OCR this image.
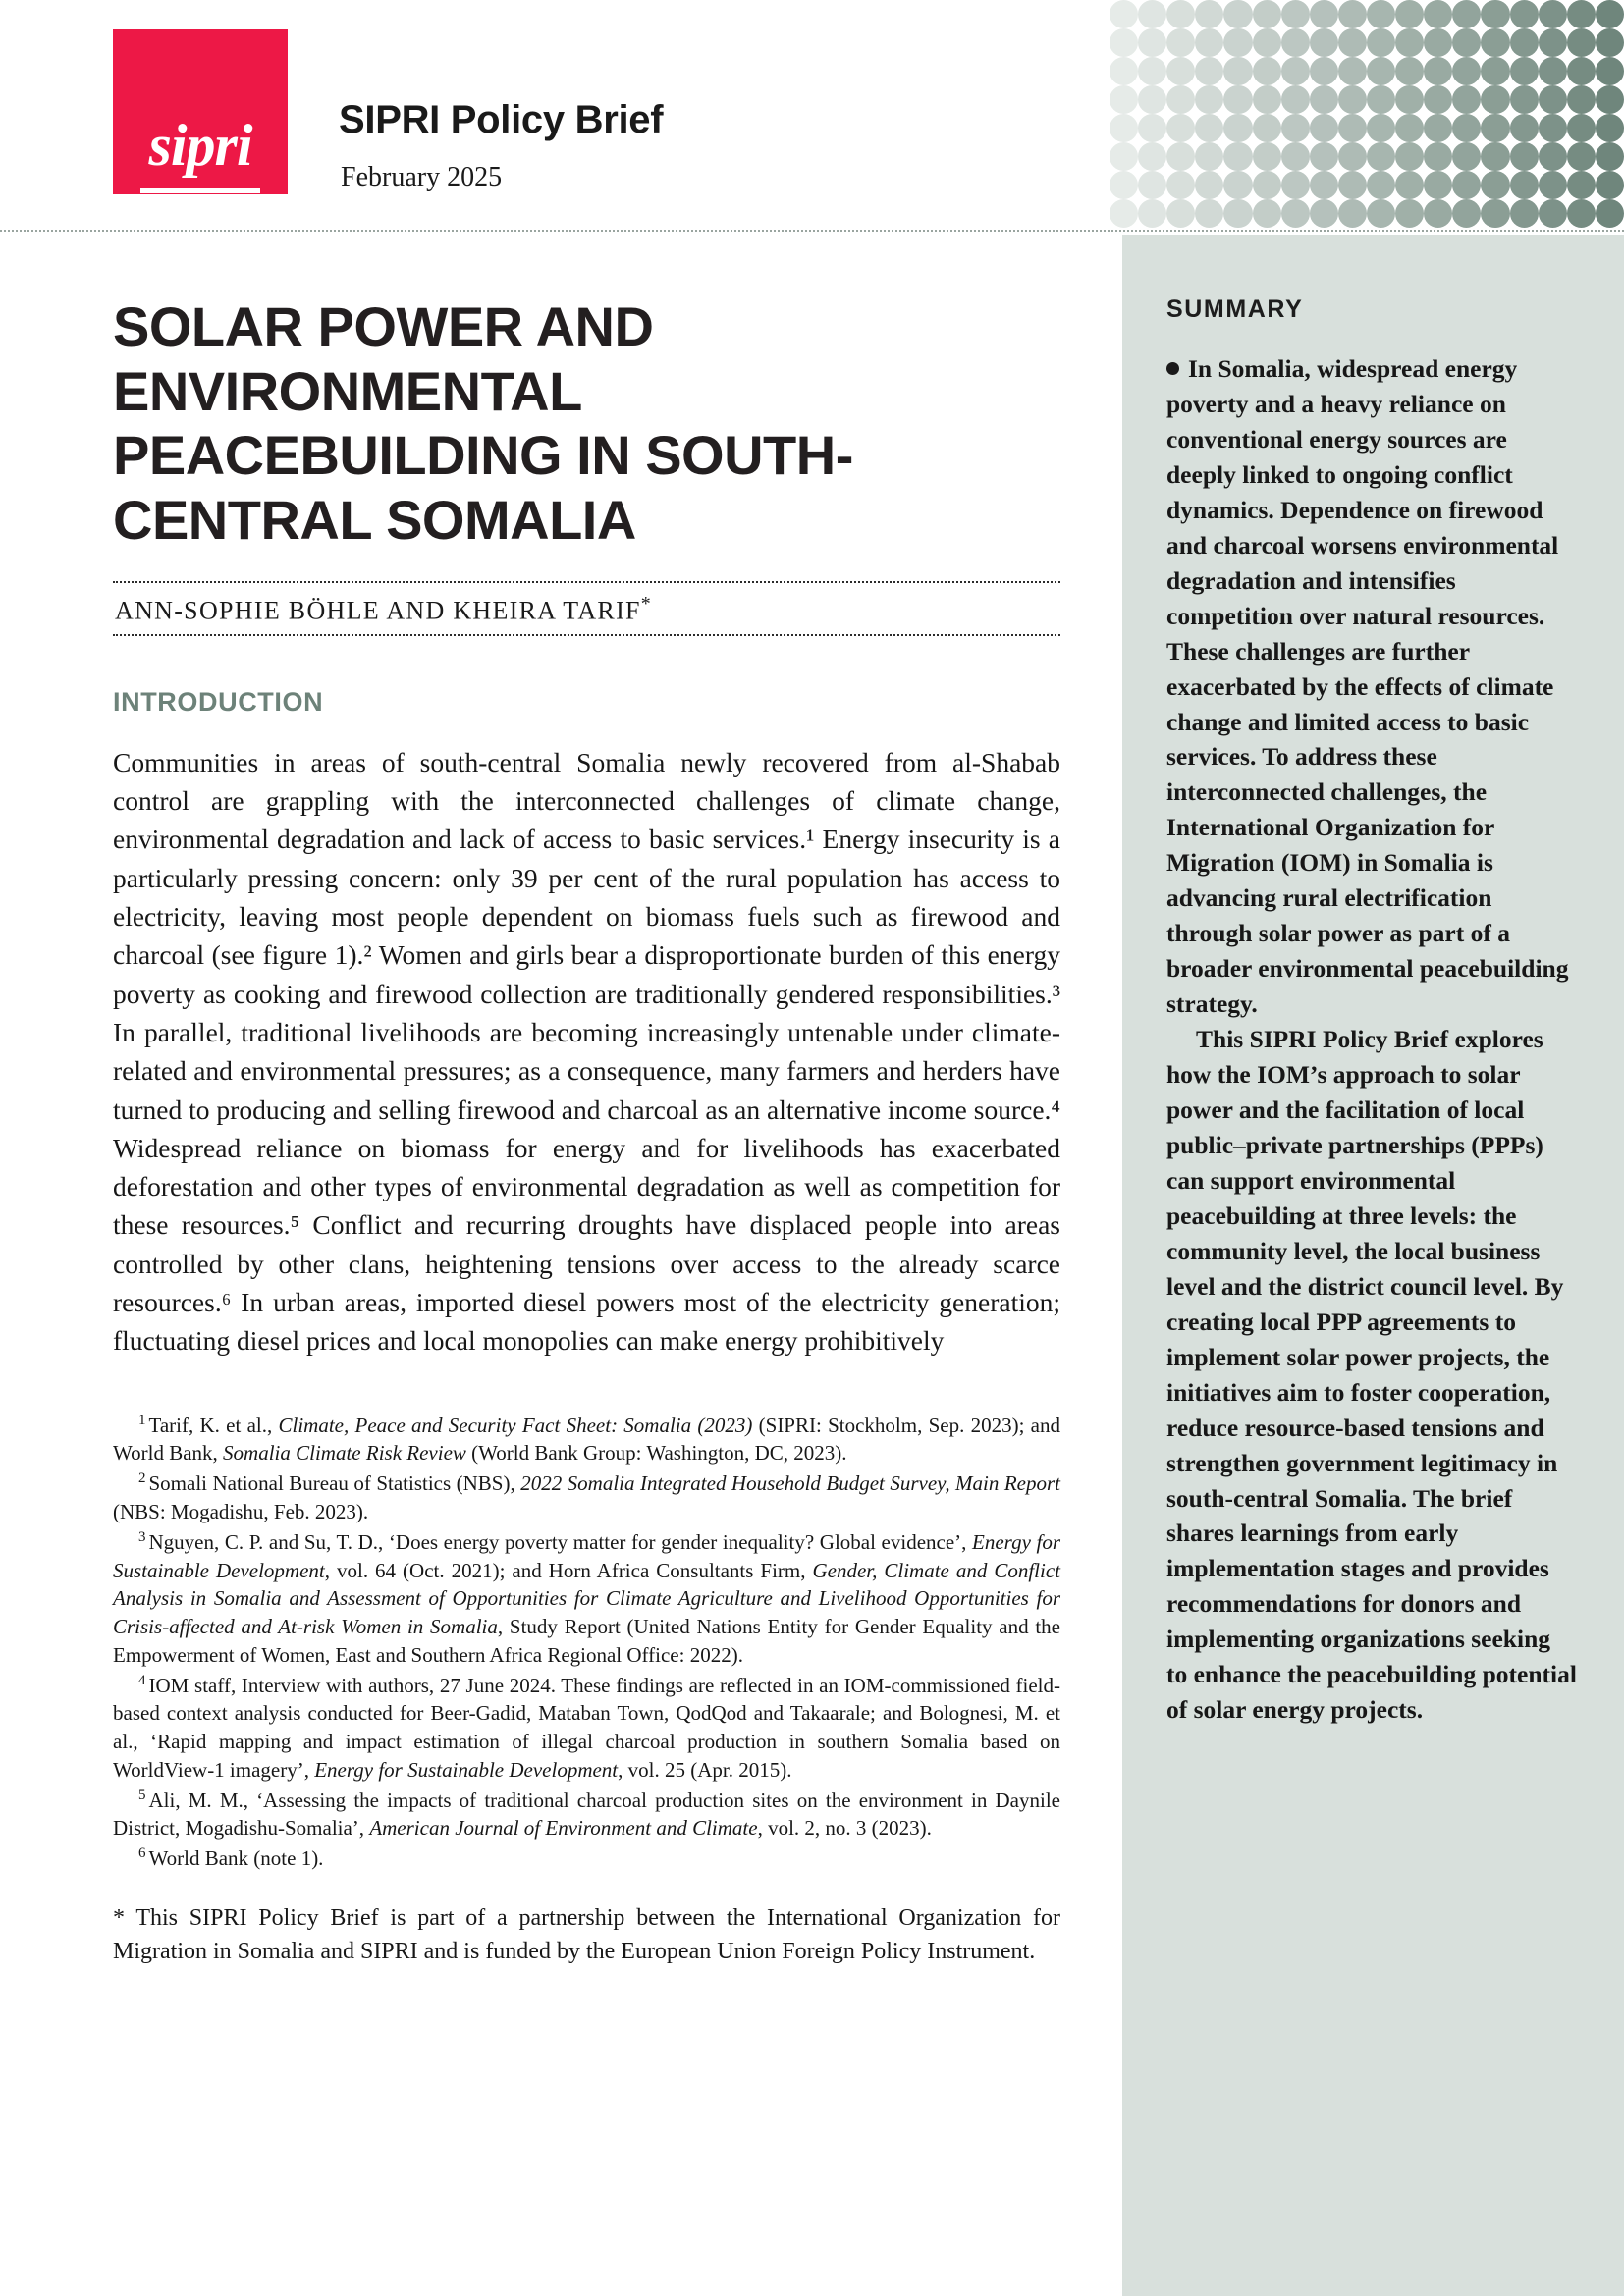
sipri	SIPRI Policy Brief
February 2025
SOLAR POWER AND ENVIRONMENTAL PEACEBUILDING IN SOUTH-CENTRAL SOMALIA
ANN-SOPHIE BÖHLE AND KHEIRA TARIF*
INTRODUCTION

Communities in areas of south-central Somalia newly recovered from al-Shabab control are grappling with the interconnected challenges of climate change, environmental degradation and lack of access to basic services.¹ Energy insecurity is a particularly pressing concern: only 39 per cent of the rural population has access to electricity, leaving most people dependent on biomass fuels such as firewood and charcoal (see figure 1).² Women and girls bear a disproportionate burden of this energy poverty as cooking and firewood collection are traditionally gendered responsibilities.³ In parallel, traditional livelihoods are becoming increasingly untenable under climate-related and environmental pressures; as a consequence, many farmers and herders have turned to producing and selling firewood and charcoal as an alternative income source.⁴ Widespread reliance on biomass for energy and for livelihoods has exacerbated deforestation and other types of environmental degradation as well as competition for these resources.⁵ Conflict and recurring droughts have displaced people into areas controlled by other clans, heightening tensions over access to the already scarce resources.⁶ In urban areas, imported diesel powers most of the electricity generation; fluctuating diesel prices and local monopolies can make energy prohibitively

$^1$ Tarif, K. et al., Climate, Peace and Security Fact Sheet: Somalia (2023) (SIPRI: Stockholm, Sep. 2023); and World Bank, Somalia Climate Risk Review (World Bank Group: Washington, DC, 2023).

$^2$ Somali National Bureau of Statistics (NBS), 2022 Somalia Integrated Household Budget Survey, Main Report (NBS: Mogadishu, Feb. 2023).

$^3$ Nguyen, C. P. and Su, T. D., ‘Does energy poverty matter for gender inequality? Global evidence’, Energy for Sustainable Development, vol. 64 (Oct. 2021); and Horn Africa Consultants Firm, Gender, Climate and Conflict Analysis in Somalia and Assessment of Opportunities for Climate Agriculture and Livelihood Opportunities for Crisis-affected and At-risk Women in Somalia, Study Report (United Nations Entity for Gender Equality and the Empowerment of Women, East and Southern Africa Regional Office: 2022).

$^4$ IOM staff, Interview with authors, 27 June 2024. These findings are reflected in an IOM-commissioned field-based context analysis conducted for Beer-Gadid, Mataban Town, QodQod and Takaarale; and Bolognesi, M. et al., ‘Rapid mapping and impact estimation of illegal charcoal production in southern Somalia based on WorldView-1 imagery’, Energy for Sustainable Development, vol. 25 (Apr. 2015).

$^5$ Ali, M. M., ‘Assessing the impacts of traditional charcoal production sites on the environment in Daynile District, Mogadishu-Somalia’, American Journal of Environment and Climate, vol. 2, no. 3 (2023).

$^6$ World Bank (note 1).

* This SIPRI Policy Brief is part of a partnership between the International Organization for Migration in Somalia and SIPRI and is funded by the European Union Foreign Policy Instrument.

SUMMARY

In Somalia, widespread energy poverty and a heavy reliance on conventional energy sources are deeply linked to ongoing conflict dynamics. Dependence on firewood and charcoal worsens environmental degradation and intensifies competition over natural resources. These challenges are further exacerbated by the effects of climate change and limited access to basic services. To address these interconnected challenges, the International Organization for Migration (IOM) in Somalia is advancing rural electrification through solar power as part of a broader environmental peacebuilding strategy.

This SIPRI Policy Brief explores how the IOM’s approach to solar power and the facilitation of local public–private partnerships (PPPs) can support environmental peacebuilding at three levels: the community level, the local business level and the district council level. By creating local PPP agreements to implement solar power projects, the initiatives aim to foster cooperation, reduce resource-based tensions and strengthen government legitimacy in south-central Somalia. The brief shares learnings from early implementation stages and provides recommendations for donors and implementing organizations seeking to enhance the peacebuilding potential of solar energy projects.
